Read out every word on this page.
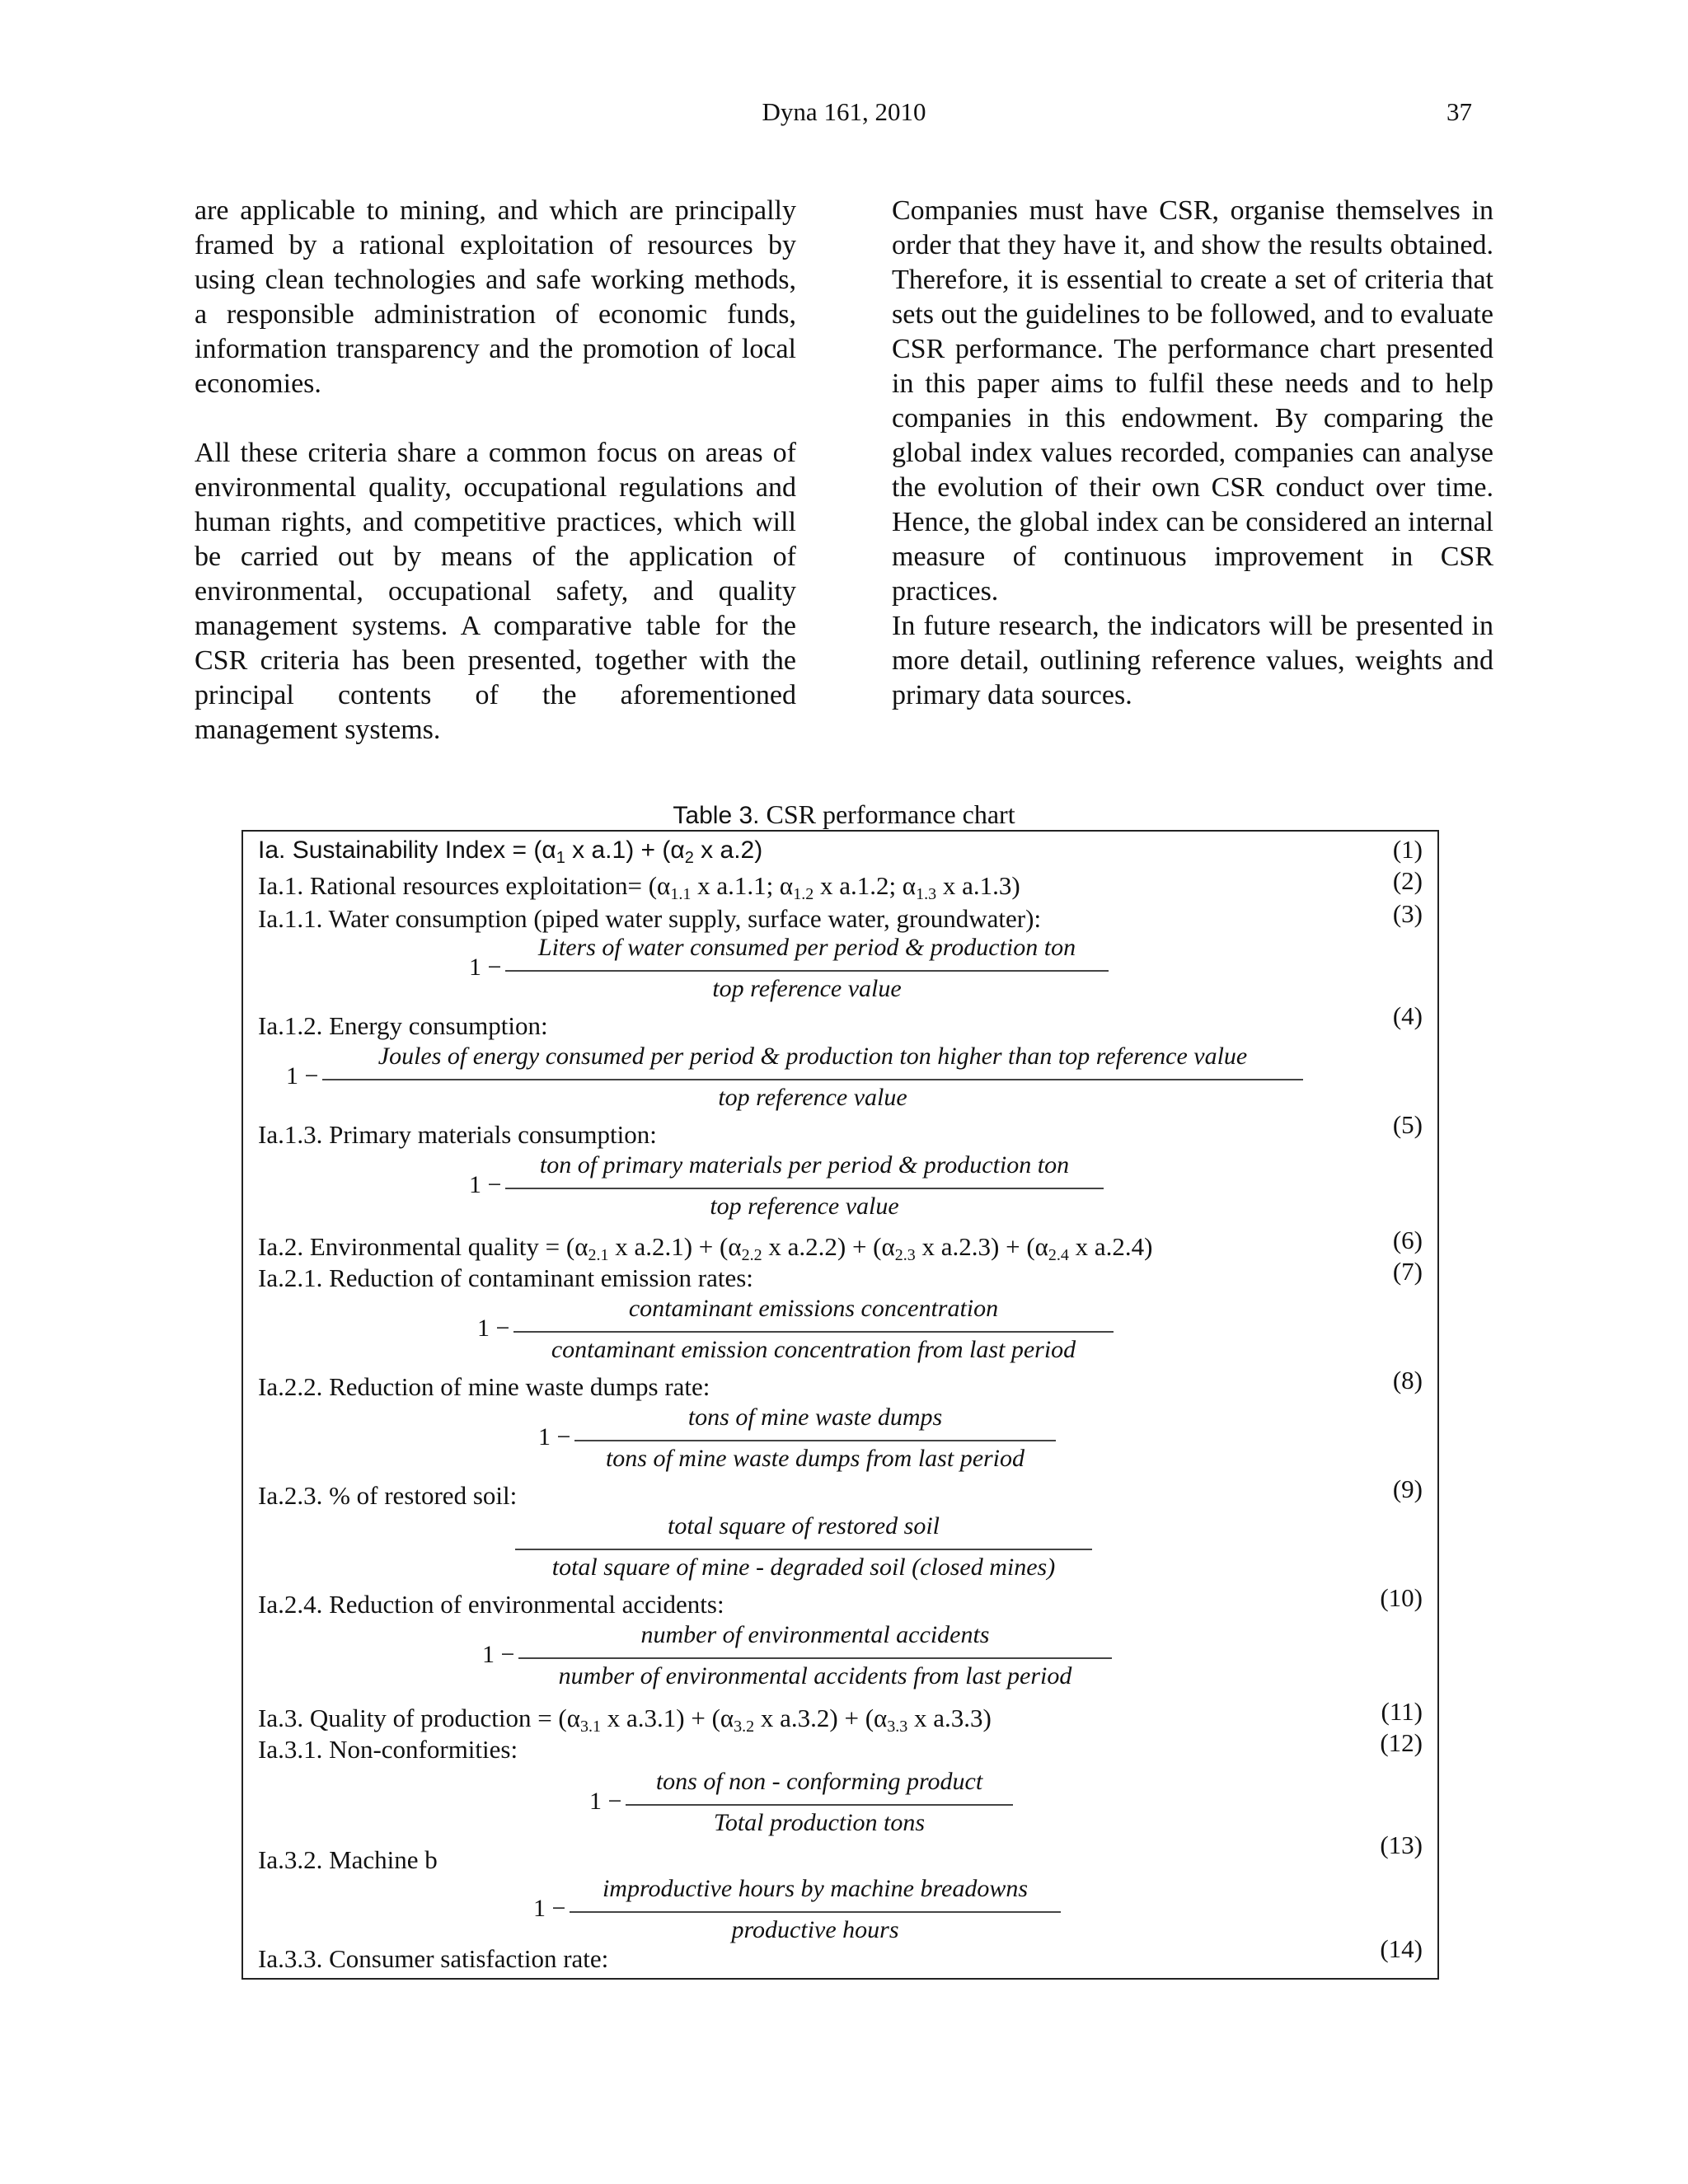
Dyna 161, 2010	37

are applicable to mining, and which are principally framed by a rational exploitation of resources by using clean technologies and safe working methods, a responsible administration of economic funds, information transparency and the promotion of local economies.

All these criteria share a common focus on areas of environmental quality, occupational regulations and human rights, and competitive practices, which will be carried out by means of the application of environmental, occupational safety, and quality management systems. A comparative table for the CSR criteria has been presented, together with the principal contents of the aforementioned management systems.

Companies must have CSR, organise themselves in order that they have it, and show the results obtained. Therefore, it is essential to create a set of criteria that sets out the guidelines to be followed, and to evaluate CSR performance. The performance chart presented in this paper aims to fulfil these needs and to help companies in this endowment. By comparing the global index values recorded, companies can analyse the evolution of their own CSR conduct over time. Hence, the global index can be considered an internal measure of continuous improvement in CSR practices.

In future research, the indicators will be presented in more detail, outlining reference values, weights and primary data sources.

Table 3. CSR performance chart
Ia. Sustainability Index = ($\alpha_1$ x $a.1) + (\alpha_2$ x a.2)	(1)
Ia.1. Rational resources exploitation= ($\alpha_{1.1}$ x a.1.1; $\alpha_{1.2}$ x a.1.2; $\alpha_{1.3}$ x a.1.3)	(2)
Ia.1.1. Water consumption (piped water supply, surface water, groundwater):	(3)
1 −
Liters of water consumed per period & production ton
top reference value
Ia.1.2. Energy consumption:	(4)
1 −
Joules of energy consumed per period & production ton higher than top reference value
top reference value
Ia.1.3. Primary materials consumption:	(5)
1 −
ton of primary materials per period & production ton
top reference value
Ia.2. Environmental quality = ($\alpha_{2.1}$ x $a.2.1) + (\alpha_{2.2}$ x $a.2.2) + (\alpha_{2.3}$ x $a.2.3) + (\alpha_{2.4}$ x a.2.4)	(6)
Ia.2.1. Reduction of contaminant emission rates:	(7)
1 −
contaminant emissions concentration
contaminant emission concentration from last period
Ia.2.2. Reduction of mine waste dumps rate:	(8)
1 −
tons of mine waste dumps
tons of mine waste dumps from last period
Ia.2.3. % of restored soil:	(9)
total square of restored soil
total square of mine - degraded soil (closed mines)
Ia.2.4. Reduction of environmental accidents:	(10)
1 −
number of environmental accidents
number of environmental accidents from last period
Ia.3. Quality of production = ($\alpha_{3.1}$ x $a.3.1) + (\alpha_{3.2}$ x $a.3.2) + (\alpha_{3.3}$ x a.3.3)	(11)
Ia.3.1. Non-conformities:	(12)
1 −
tons of non - conforming product
Total production tons
Ia.3.2. Machine b
(13)
1 −
improductive hours by machine breadowns
productive hours
Ia.3.3. Consumer satisfaction rate:	(14)
